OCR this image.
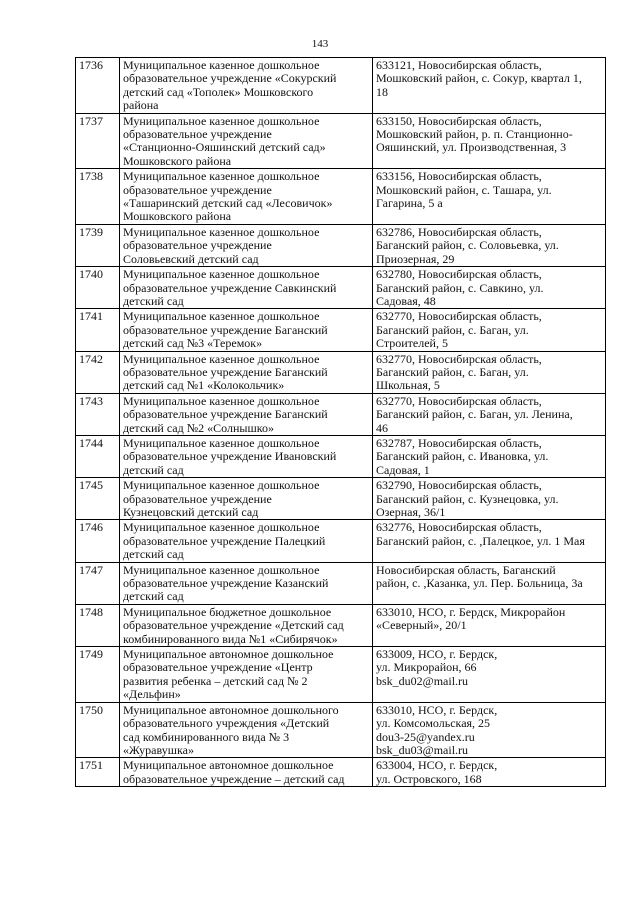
143
1736	Муниципальное казенное дошкольное
образовательное учреждение «Сокурский
детский сад «Тополек» Мошковского
района	633121, Новосибирская область,
Мошковский район, с. Сокур, квартал 1,
18

1737	Муниципальное казенное дошкольное
образовательное учреждение
«Станционно-Ояшинский детский сад»
Мошковского района	633150, Новосибирская область,
Мошковский район, р. п. Станционно-
Ояшинский, ул. Производственная, 3

1738	Муниципальное казенное дошкольное
образовательное учреждение
«Ташаринский детский сад «Лесовичок»
Мошковского района	633156, Новосибирская область,
Мошковский район, с. Ташара, ул.
Гагарина, 5 а

1739	Муниципальное казенное дошкольное
образовательное учреждение
Соловьевский детский сад	632786, Новосибирская область,
Баганский район, с. Соловьевка, ул.
Приозерная, 29

1740	Муниципальное казенное дошкольное
образовательное учреждение Савкинский
детский сад	632780, Новосибирская область,
Баганский район, с. Савкино, ул.
Садовая, 48

1741	Муниципальное казенное дошкольное
образовательное учреждение Баганский
детский сад №3 «Теремок»	632770, Новосибирская область,
Баганский район, с. Баган, ул.
Строителей, 5

1742	Муниципальное казенное дошкольное
образовательное учреждение Баганский
детский сад №1 «Колокольчик»	632770, Новосибирская область,
Баганский район, с. Баган, ул.
Школьная, 5

1743	Муниципальное казенное дошкольное
образовательное учреждение Баганский
детский сад №2 «Солнышко»	632770, Новосибирская область,
Баганский район, с. Баган, ул. Ленина,
46

1744	Муниципальное казенное дошкольное
образовательное учреждение Ивановский
детский сад	632787, Новосибирская область,
Баганский район, с. Ивановка, ул.
Садовая, 1

1745	Муниципальное казенное дошкольное
образовательное учреждение
Кузнецовский детский сад	632790, Новосибирская область,
Баганский район, с. Кузнецовка, ул.
Озерная, 36/1

1746	Муниципальное казенное дошкольное
образовательное учреждение Палецкий
детский сад	632776, Новосибирская область,
Баганский район, с. ,Палецкое, ул. 1 Мая

1747	Муниципальное казенное дошкольное
образовательное учреждение Казанский
детский сад	Новосибирская область, Баганский
район, с. ,Казанка, ул. Пер. Больница, 3а

1748	Муниципальное бюджетное дошкольное
образовательное учреждение «Детский сад
комбинированного вида №1 «Сибирячок»	633010, НСО, г. Бердск, Микрорайон
«Северный», 20/1

1749	Муниципальное автономное дошкольное
образовательное учреждение «Центр
развития ребенка – детский сад № 2
«Дельфин»	633009, НСО, г. Бердск,
ул. Микрорайон, 66
bsk_du02@mail.ru

1750	Муниципальное автономное дошкольного
образовательного учреждения «Детский
сад комбинированного вида № 3
«Журавушка»	633010, НСО, г. Бердск,
ул. Комсомольская, 25
dou3-25@yandex.ru
bsk_du03@mail.ru

1751	Муниципальное автономное дошкольное
образовательное учреждение – детский сад	633004, НСО, г. Бердск,
ул. Островского, 168
